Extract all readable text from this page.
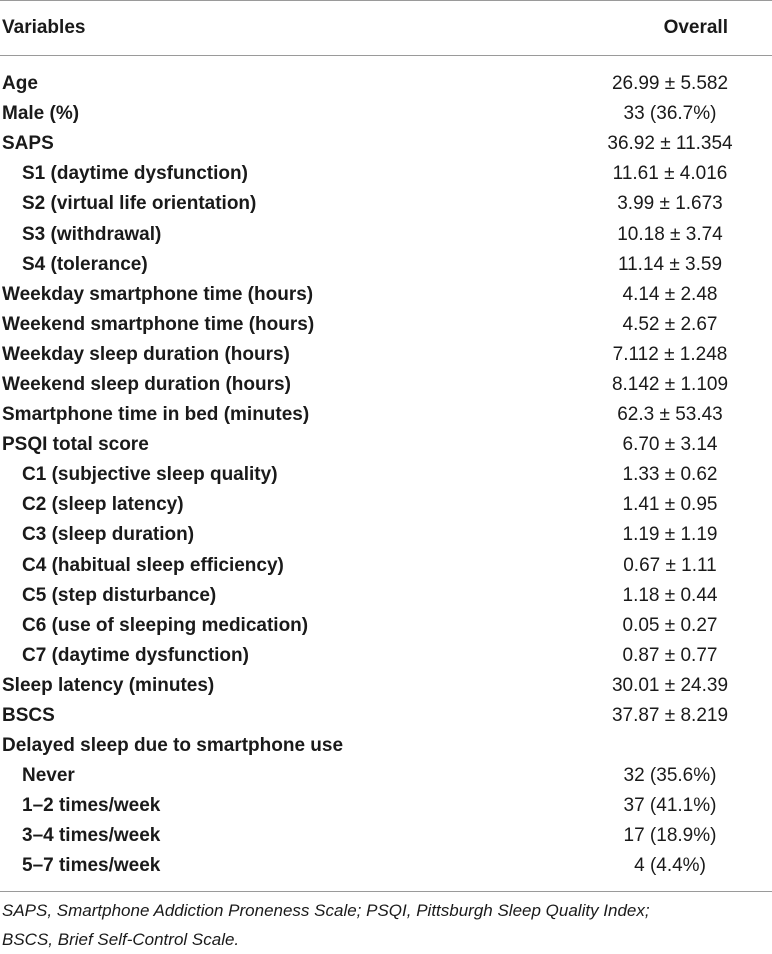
Variables	Overall
Age	26.99 ± 5.582
Male (%)	33 (36.7%)
SAPS	36.92 ± 11.354
S1 (daytime dysfunction)	11.61 ± 4.016
S2 (virtual life orientation)	3.99 ± 1.673
S3 (withdrawal)	10.18 ± 3.74
S4 (tolerance)	11.14 ± 3.59
Weekday smartphone time (hours)	4.14 ± 2.48
Weekend smartphone time (hours)	4.52 ± 2.67
Weekday sleep duration (hours)	7.112 ± 1.248
Weekend sleep duration (hours)	8.142 ± 1.109
Smartphone time in bed (minutes)	62.3 ± 53.43
PSQI total score	6.70 ± 3.14
C1 (subjective sleep quality)	1.33 ± 0.62
C2 (sleep latency)	1.41 ± 0.95
C3 (sleep duration)	1.19 ± 1.19
C4 (habitual sleep efficiency)	0.67 ± 1.11
C5 (step disturbance)	1.18 ± 0.44
C6 (use of sleeping medication)	0.05 ± 0.27
C7 (daytime dysfunction)	0.87 ± 0.77
Sleep latency (minutes)	30.01 ± 24.39
BSCS	37.87 ± 8.219
Delayed sleep due to smartphone use
Never	32 (35.6%)
1–2 times/week	37 (41.1%)
3–4 times/week	17 (18.9%)
5–7 times/week	4 (4.4%)
SAPS, Smartphone Addiction Proneness Scale; PSQI, Pittsburgh Sleep Quality Index; BSCS, Brief Self-Control Scale.
